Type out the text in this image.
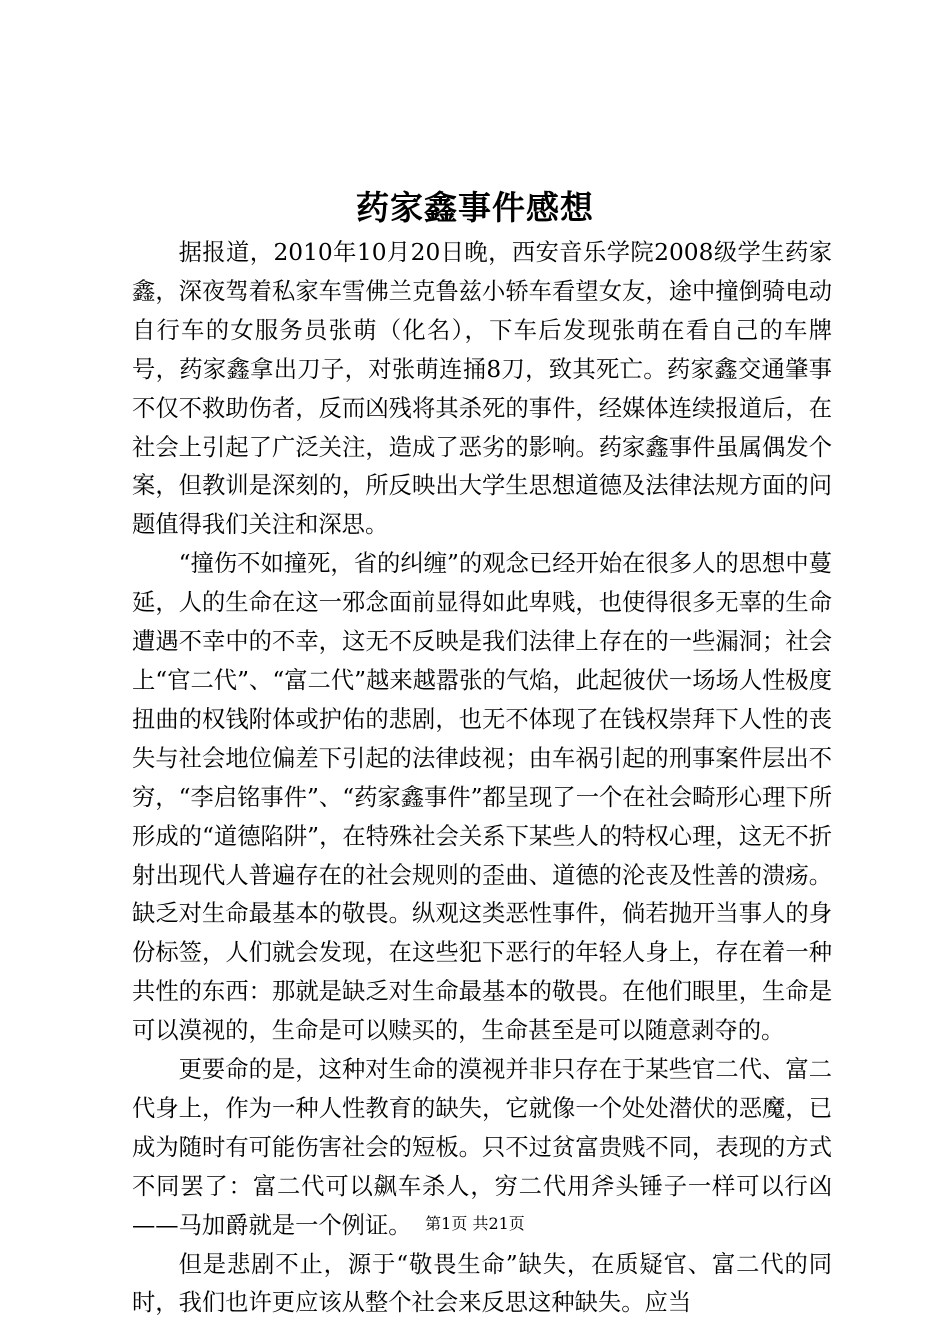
药家鑫事件感想

据报道，2010年10月20日晚，西安音乐学院2008级学生药家鑫，深夜驾着私家车雪佛兰克鲁兹小轿车看望女友，途中撞倒骑电动自行车的女服务员张萌（化名），下车后发现张萌在看自己的车牌号，药家鑫拿出刀子，对张萌连捅8刀，致其死亡。药家鑫交通肇事不仅不救助伤者，反而凶残将其杀死的事件，经媒体连续报道后，在社会上引起了广泛关注，造成了恶劣的影响。药家鑫事件虽属偶发个案，但教训是深刻的，所反映出大学生思想道德及法律法规方面的问题值得我们关注和深思。

“撞伤不如撞死，省的纠缠”的观念已经开始在很多人的思想中蔓延，人的生命在这一邪念面前显得如此卑贱，也使得很多无辜的生命遭遇不幸中的不幸，这无不反映是我们法律上存在的一些漏洞；社会上“官二代”、“富二代”越来越嚣张的气焰，此起彼伏一场场人性极度扭曲的权钱附体或护佑的悲剧，也无不体现了在钱权崇拜下人性的丧失与社会地位偏差下引起的法律歧视；由车祸引起的刑事案件层出不穷，“李启铭事件”、“药家鑫事件”都呈现了一个在社会畸形心理下所形成的“道德陷阱”，在特殊社会关系下某些人的特权心理，这无不折射出现代人普遍存在的社会规则的歪曲、道德的沦丧及性善的溃疡。缺乏对生命最基本的敬畏。纵观这类恶性事件，倘若抛开当事人的身份标签，人们就会发现，在这些犯下恶行的年轻人身上，存在着一种共性的东西：那就是缺乏对生命最基本的敬畏。在他们眼里，生命是可以漠视的，生命是可以赎买的，生命甚至是可以随意剥夺的。

更要命的是，这种对生命的漠视并非只存在于某些官二代、富二代身上，作为一种人性教育的缺失，它就像一个处处潜伏的恶魔，已成为随时有可能伤害社会的短板。只不过贫富贵贱不同，表现的方式不同罢了：富二代可以飙车杀人，穷二代用斧头锤子一样可以行凶——马加爵就是一个例证。

但是悲剧不止，源于“敬畏生命”缺失，在质疑官、富二代的同时，我们也许更应该从整个社会来反思这种缺失。应当

第1页 共21页
